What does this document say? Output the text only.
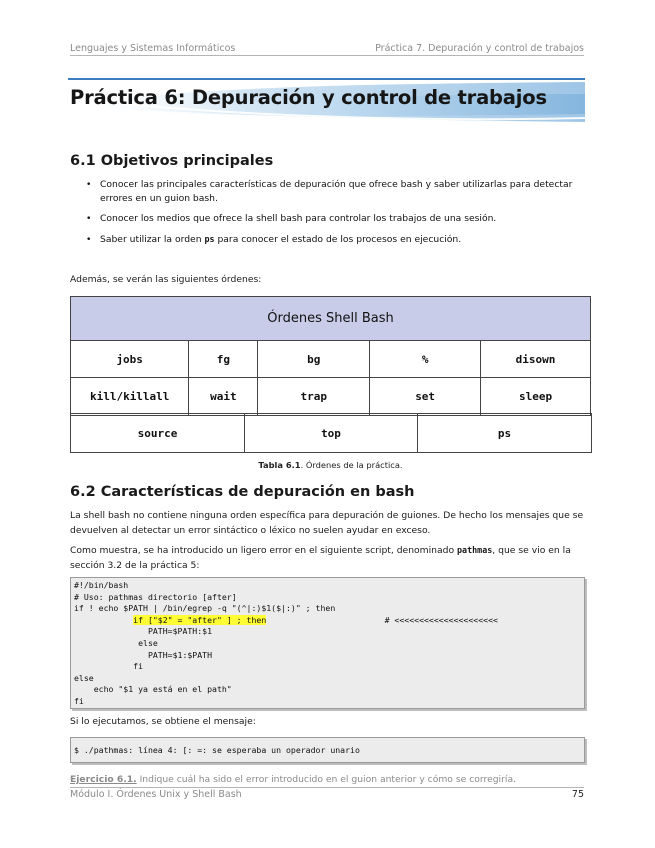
Lenguajes y Sistemas Informáticos	Práctica 7. Depuración y control de trabajos
Práctica 6: Depuración y control de trabajos
6.1 Objetivos principales
• Conocer las principales características de depuración que ofrece bash y saber utilizarlas para detectar errores en un guion bash.
• Conocer los medios que ofrece la shell bash para controlar los trabajos de una sesión.
• Saber utilizar la orden ps para conocer el estado de los procesos en ejecución.
Además, se verán las siguientes órdenes:
Órdenes Shell Bash				
jobs	fg	bg	%	disown
kill/killall	wait	trap	set	sleep
source	top	ps
Tabla 6.1. Órdenes de la práctica.
6.2 Características de depuración en bash
La shell bash no contiene ninguna orden específica para depuración de guiones. De hecho los mensajes que se devuelven al detectar un error sintáctico o léxico no suelen ayudar en exceso.
Como muestra, se ha introducido un ligero error en el siguiente script, denominado pathmas, que se vio en la sección 3.2 de la práctica 5:
#!/bin/bash
# Uso: pathmas directorio [after]
if ! echo $PATH | /bin/egrep -q "(^|:)$1($|:)" ; then
if ["$2" = "after" ] ; then	# <<<<<<<<<<<<<<<<<<<<<
PATH=$PATH:$1
else
PATH=$1:$PATH
fi
else
echo "$1 ya está en el path"
fi
Si lo ejecutamos, se obtiene el mensaje:
$ ./pathmas: línea 4: [: =: se esperaba un operador unario
Ejercicio 6.1. Indique cuál ha sido el error introducido en el guion anterior y cómo se corregiría.
Módulo I. Órdenes Unix y Shell Bash	75
